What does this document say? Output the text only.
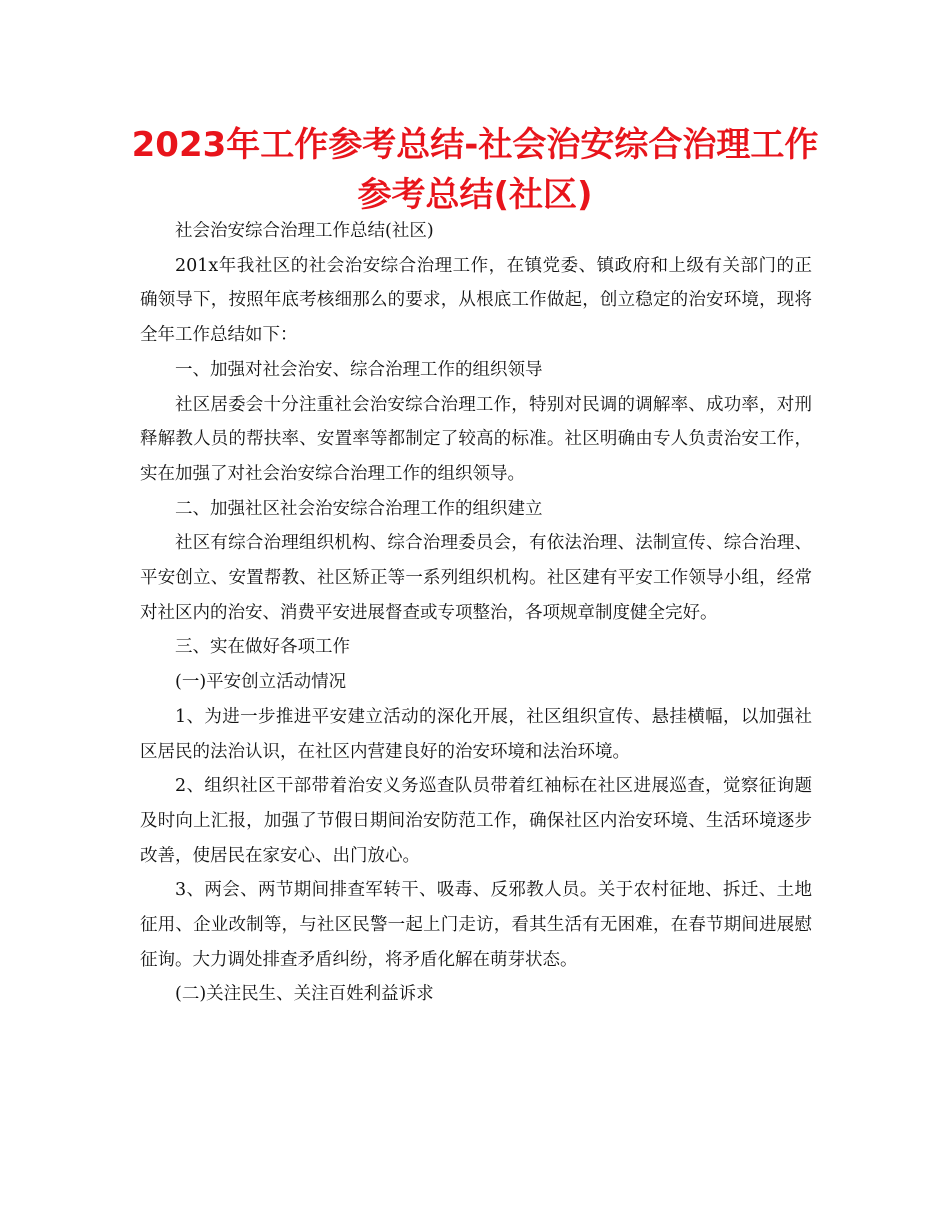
2023年工作参考总结-社会治安综合治理工作参考总结(社区)

社会治安综合治理工作总结(社区)

201x年我社区的社会治安综合治理工作，在镇党委、镇政府和上级有关部门的正确领导下，按照年底考核细那么的要求，从根底工作做起，创立稳定的治安环境，现将全年工作总结如下：

一、加强对社会治安、综合治理工作的组织领导

社区居委会十分注重社会治安综合治理工作，特别对民调的调解率、成功率，对刑释解教人员的帮扶率、安置率等都制定了较高的标准。社区明确由专人负责治安工作，实在加强了对社会治安综合治理工作的组织领导。

二、加强社区社会治安综合治理工作的组织建立

社区有综合治理组织机构、综合治理委员会，有依法治理、法制宣传、综合治理、平安创立、安置帮教、社区矫正等一系列组织机构。社区建有平安工作领导小组，经常对社区内的治安、消费平安进展督查或专项整治，各项规章制度健全完好。

三、实在做好各项工作

(一)平安创立活动情况

1、为进一步推进平安建立活动的深化开展，社区组织宣传、悬挂横幅，以加强社区居民的法治认识，在社区内营建良好的治安环境和法治环境。

2、组织社区干部带着治安义务巡查队员带着红袖标在社区进展巡查，觉察征询题及时向上汇报，加强了节假日期间治安防范工作，确保社区内治安环境、生活环境逐步改善，使居民在家安心、出门放心。

3、两会、两节期间排查军转干、吸毒、反邪教人员。关于农村征地、拆迁、土地征用、企业改制等，与社区民警一起上门走访，看其生活有无困难，在春节期间进展慰征询。大力调处排查矛盾纠纷，将矛盾化解在萌芽状态。

(二)关注民生、关注百姓利益诉求
